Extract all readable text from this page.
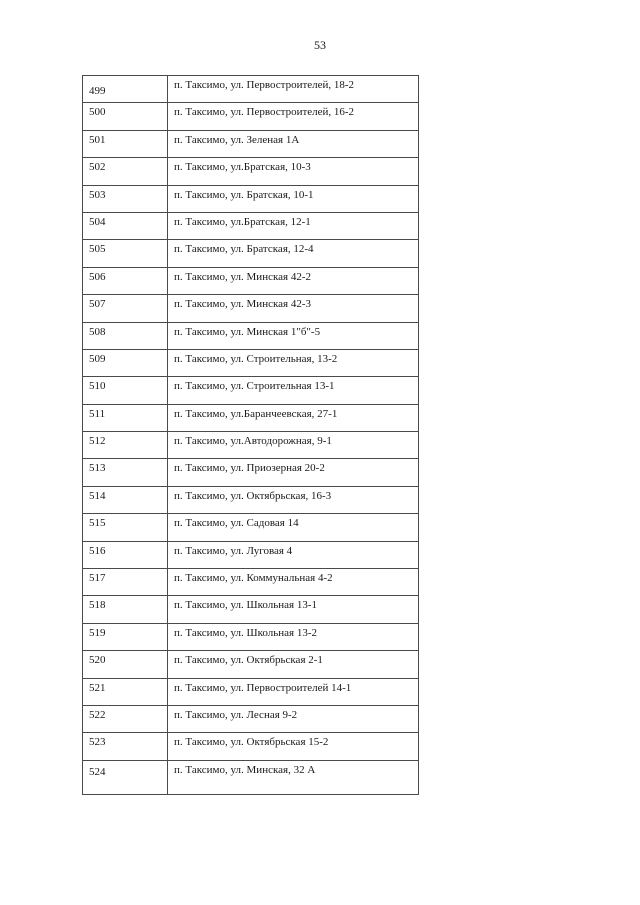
53
499	п. Таксимо, ул. Первостроителей, 18-2
500	п. Таксимо, ул. Первостроителей, 16-2
501	п. Таксимо, ул. Зеленая 1А
502	п. Таксимо, ул.Братская, 10-3
503	п. Таксимо, ул. Братская, 10-1
504	п. Таксимо, ул.Братская, 12-1
505	п. Таксимо, ул. Братская, 12-4
506	п. Таксимо, ул. Минская 42-2
507	п. Таксимо, ул. Минская 42-3
508	п. Таксимо, ул. Минская 1"б"-5
509	п. Таксимо, ул. Строительная, 13-2
510	п. Таксимо, ул. Строительная 13-1
511	п. Таксимо, ул.Баранчеевская, 27-1
512	п. Таксимо, ул.Автодорожная, 9-1
513	п. Таксимо, ул. Приозерная 20-2
514	п. Таксимо, ул. Октябрьская, 16-3
515	п. Таксимо, ул. Садовая 14
516	п. Таксимо, ул. Луговая 4
517	п. Таксимо, ул. Коммунальная 4-2
518	п. Таксимо, ул. Школьная 13-1
519	п. Таксимо, ул. Школьная 13-2
520	п. Таксимо, ул. Октябрьская 2-1
521	п. Таксимо, ул. Первостроителей 14-1
522	п. Таксимо, ул. Лесная 9-2
523	п. Таксимо, ул. Октябрьская 15-2
524	п. Таксимо, ул. Минская, 32 А
